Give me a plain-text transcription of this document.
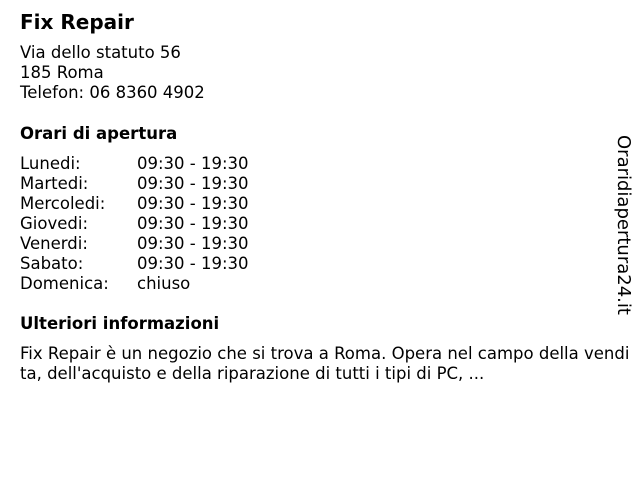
Fix Repair
Via dello statuto 56
185 Roma
Telefon: 06 8360 4902
Orari di apertura
Lunedi:	09:30 - 19:30
Martedi:	09:30 - 19:30
Mercoledi: 09:30 - 19:30
Giovedi:	09:30 - 19:30
Venerdi:	09:30 - 19:30
Sabato:	09:30 - 19:30
Domenica: chiuso
Ulteriori informazioni
Fix Repair è un negozio che si trova a Roma. Opera nel campo della vendita, dell'acquisto e della riparazione di tutti i tipi di PC, ...
Oraridiapertura24.it
